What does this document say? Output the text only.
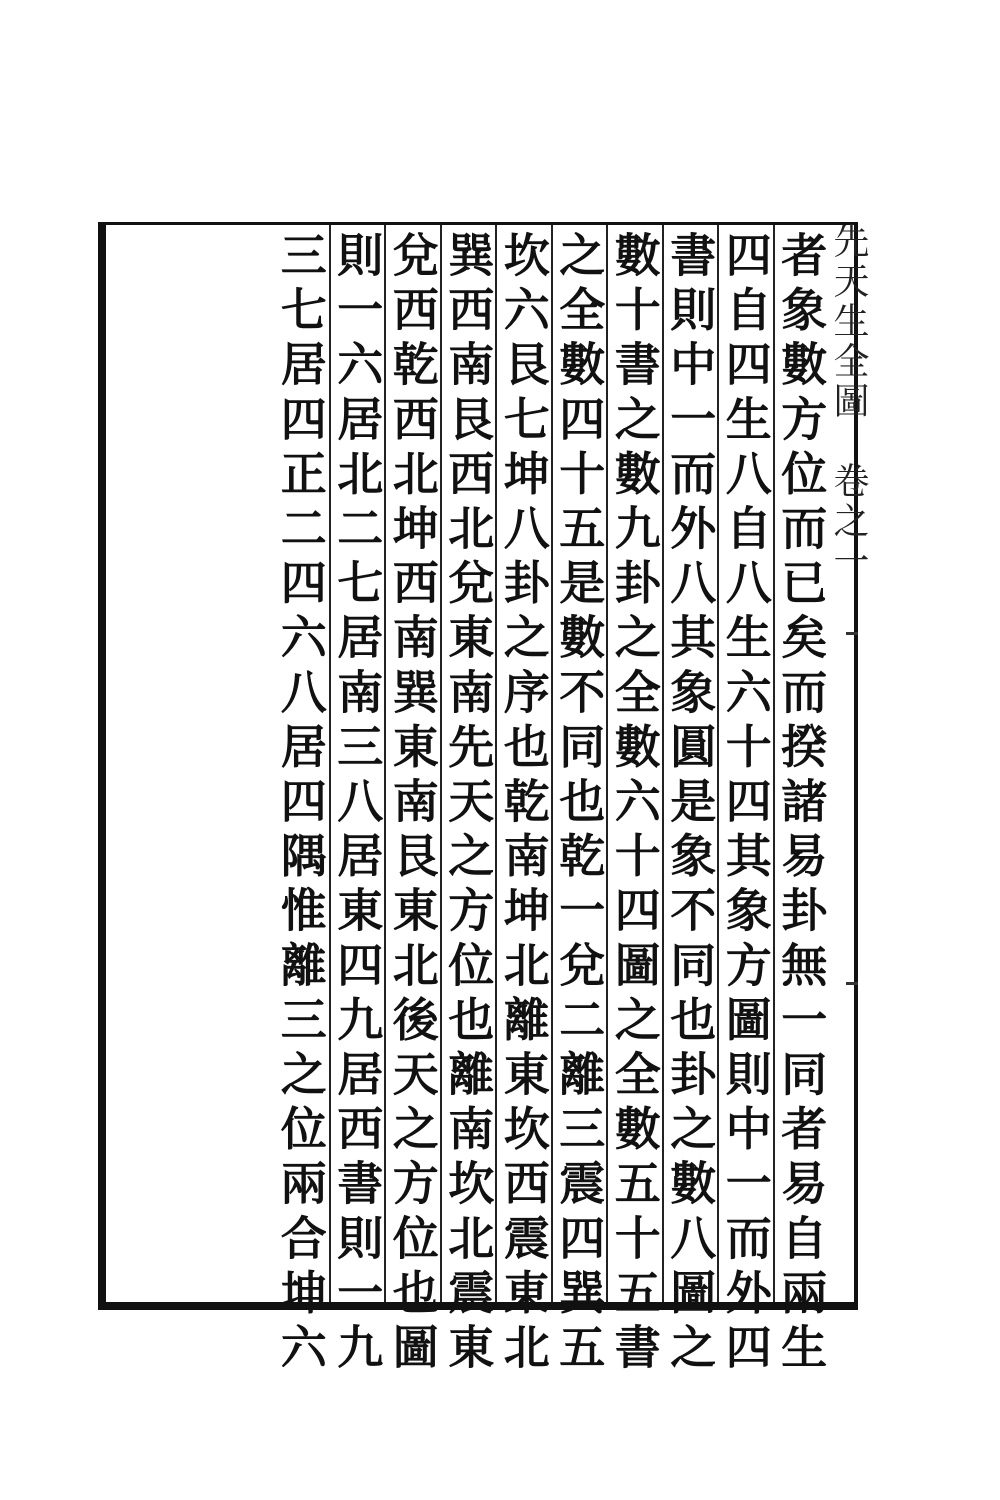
先天生全圖
卷之一
者象數方位而已矣而揆諸易卦無一同者易自兩生
四自四生八自八生六十四其象方圖則中一而外四
書則中一而外八其象圓是象不同也卦之數八圖之
數十書之數九卦之全數六十四圖之全數五十五書
之全數四十五是數不同也乾一兌二離三震四巽五
坎六艮七坤八卦之序也乾南坤北離東坎西震東北
巽西南艮西北兌東南先天之方位也離南坎北震東
兌西乾西北坤西南巽東南艮東北後天之方位也圖
則一六居北二七居南三八居東四九居西書則一九
三七居四正二四六八居四隅惟離三之位兩合坤六
